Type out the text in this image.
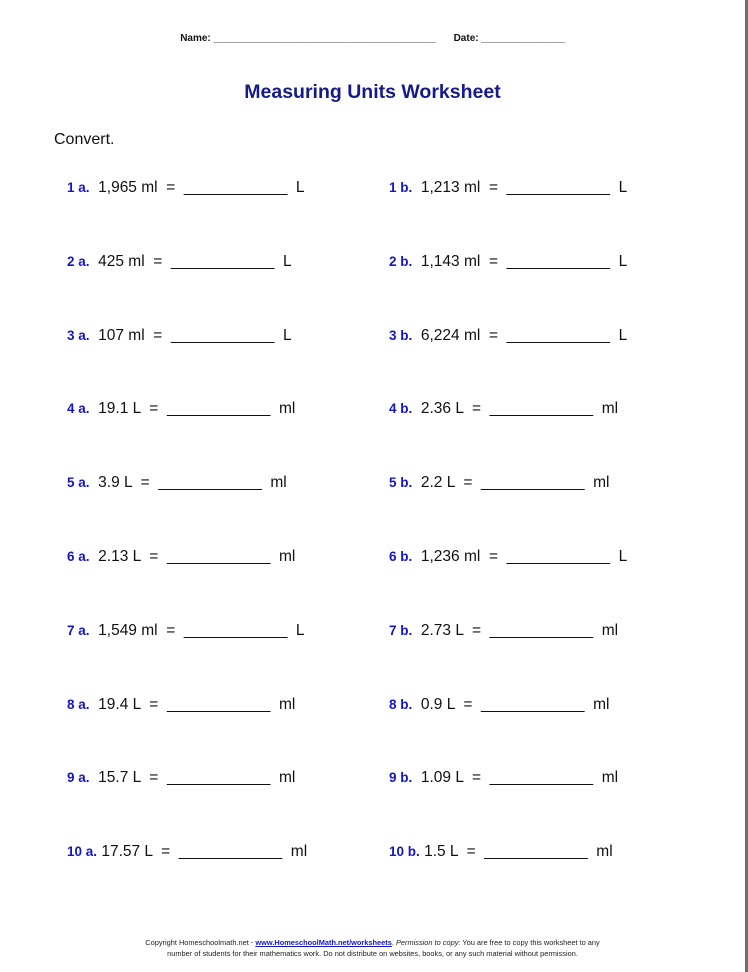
Name: ________________________________________ Date: _______________
Measuring Units Worksheet
Convert.
1 a.  1,965 ml  =  ____________  L
2 a.  425 ml  =  ____________  L
3 a.  107 ml  =  ____________  L
4 a.  19.1 L  =  ____________  ml
5 a.  3.9 L  =  ____________  ml
6 a.  2.13 L  =  ____________  ml
7 a.  1,549 ml  =  ____________  L
8 a.  19.4 L  =  ____________  ml
9 a.  15.7 L  =  ____________  ml
10 a. 17.57 L  =  ____________  ml
1 b.  1,213 ml  =  ____________  L
2 b.  1,143 ml  =  ____________  L
3 b.  6,224 ml  =  ____________  L
4 b.  2.36 L  =  ____________  ml
5 b.  2.2 L  =  ____________  ml
6 b.  1,236 ml  =  ____________  L
7 b.  2.73 L  =  ____________  ml
8 b.  0.9 L  =  ____________  ml
9 b.  1.09 L  =  ____________  ml
10 b. 1.5 L  =  ____________  ml
Copyright Homeschoolmath.net - www.HomeschoolMath.net/worksheets. Permission to copy: You are free to copy this worksheet to any
number of students for their mathematics work. Do not distribute on websites, books, or any such material without permission.
